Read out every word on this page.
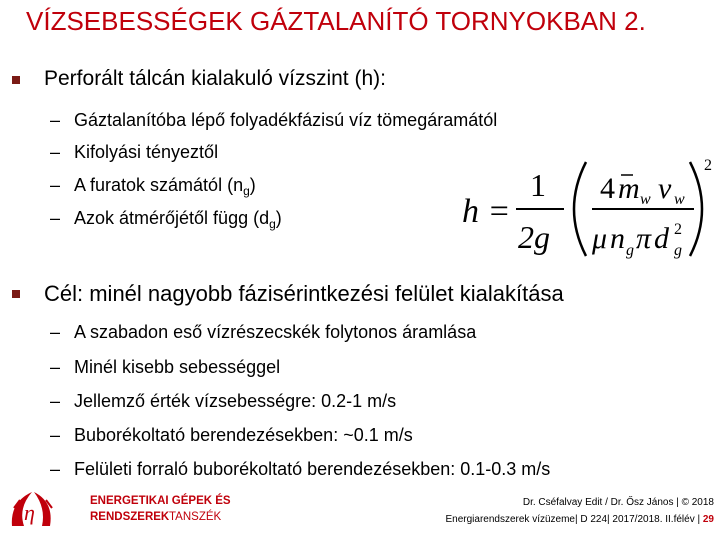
VÍZSEBESSÉGEK GÁZTALANÍTÓ TORNYOKBAN 2.
Perforált tálcán kialakuló vízszint (h):
– Gáztalanítóba lépő folyadékfázisú víz tömegáramától
– Kifolyási tényeztől
– A furatok számától $(n_g)$
– Azok átmérőjétől függ $(d_g)$	h =
1
2g
4 m w v w
μ n g π d 2
g
2
Cél: minél nagyobb fázisérintkezési felület kialakítása
– A szabadon eső vízrészecskék folytonos áramlása
– Minél kisebb sebességgel
– Jellemző érték vízsebességre: 0.2-1 m/s
– Buborékoltató berendezésekben: ~0.1 m/s
– Felületi forraló buborékoltató berendezésekben: 0.1-0.3 m/s
η	ENERGETIKAI GÉPEK ÉS
RENDSZEREK TANSZÉK
Dr. Cséfalvay Edit / Dr. Ősz János | © 2018
Energiarendszerek vízüzeme| D 224| 2017/2018. II.félév | 29
